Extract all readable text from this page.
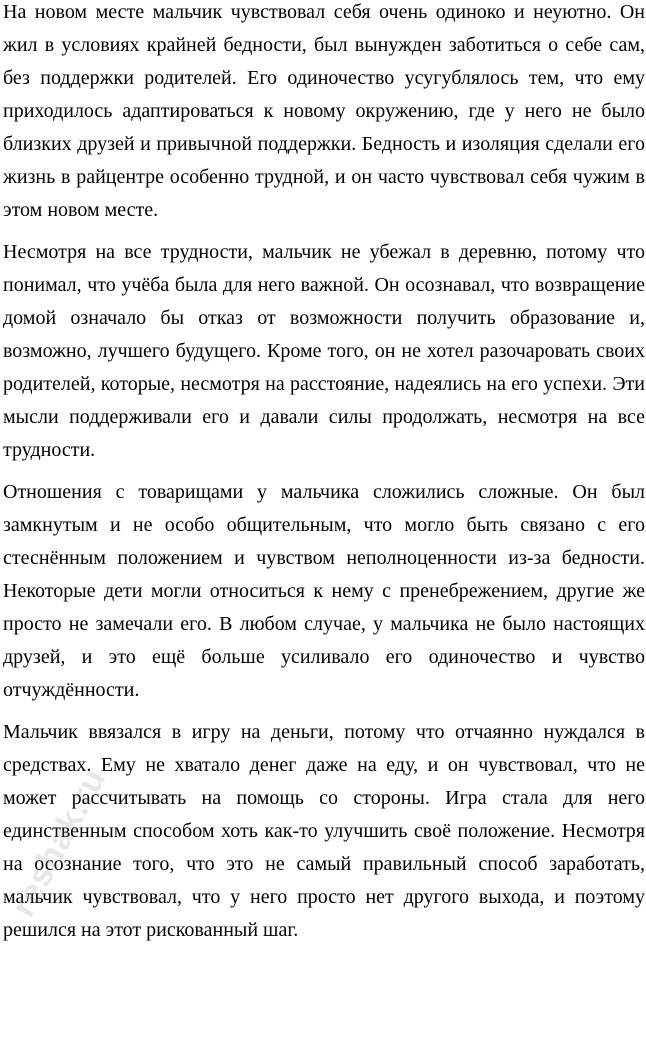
На новом месте мальчик чувствовал себя очень одиноко и неуютно. Он жил в условиях крайней бедности, был вынужден заботиться о себе сам, без поддержки родителей. Его одиночество усугублялось тем, что ему приходилось адаптироваться к новому окружению, где у него не было близких друзей и привычной поддержки. Бедность и изоляция сделали его жизнь в райцентре особенно трудной, и он часто чувствовал себя чужим в этом новом месте.

Несмотря на все трудности, мальчик не убежал в деревню, потому что понимал, что учёба была для него важной. Он осознавал, что возвращение домой означало бы отказ от возможности получить образование и, возможно, лучшего будущего. Кроме того, он не хотел разочаровать своих родителей, которые, несмотря на расстояние, надеялись на его успехи. Эти мысли поддерживали его и давали силы продолжать, несмотря на все трудности.

Отношения с товарищами у мальчика сложились сложные. Он был замкнутым и не особо общительным, что могло быть связано с его стеснённым положением и чувством неполноценности из-за бедности. Некоторые дети могли относиться к нему с пренебрежением, другие же просто не замечали его. В любом случае, у мальчика не было настоящих друзей, и это ещё больше усиливало его одиночество и чувство отчуждённости.

Мальчик ввязался в игру на деньги, потому что отчаянно нуждался в средствах. Ему не хватало денег даже на еду, и он чувствовал, что не может рассчитывать на помощь со стороны. Игра стала для него единственным способом хоть как-то улучшить своё положение. Несмотря на осознание того, что это не самый правильный способ заработать, мальчик чувствовал, что у него просто нет другого выхода, и поэтому решился на этот рискованный шаг.

reshak.ru
